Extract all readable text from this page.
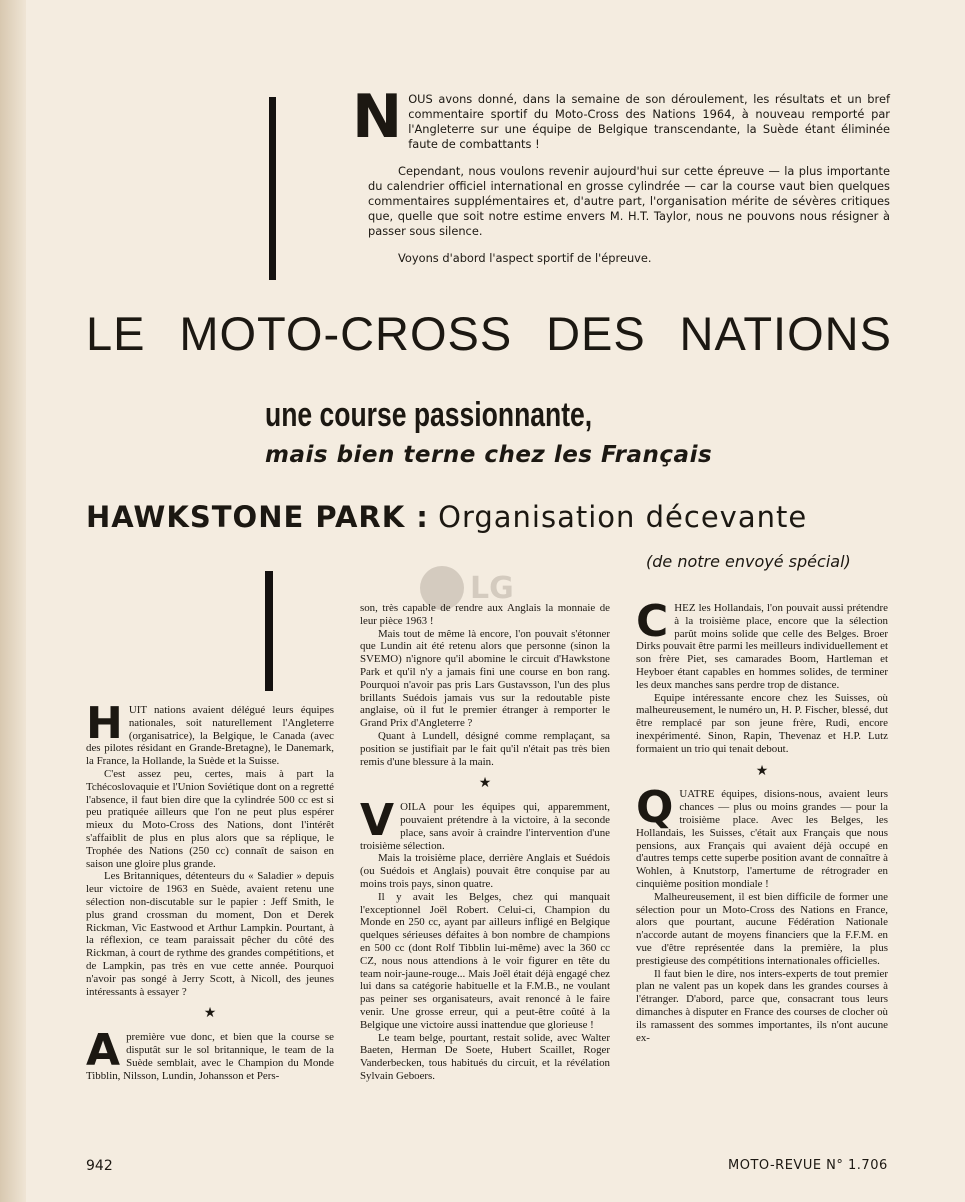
NOUS avons donné, dans la semaine de son déroulement, les résultats et un bref commentaire sportif du Moto-Cross des Nations 1964, à nouveau remporté par l'Angleterre sur une équipe de Belgique transcendante, la Suède étant éliminée faute de combattants !

Cependant, nous voulons revenir aujourd'hui sur cette épreuve — la plus importante du calendrier officiel international en grosse cylindrée — car la course vaut bien quelques commentaires supplémentaires et, d'autre part, l'organisation mérite de sévères critiques que, quelle que soit notre estime envers M. H.T. Taylor, nous ne pouvons nous résigner à passer sous silence.

Voyons d'abord l'aspect sportif de l'épreuve.

LE MOTO-CROSS DES NATIONS
une course passionnante,
mais bien terne chez les Français
HAWKSTONE PARK : Organisation décevante
(de notre envoyé spécial)
LG

HUIT nations avaient délégué leurs équipes nationales, soit naturellement l'Angleterre (organisatrice), la Belgique, le Canada (avec des pilotes résidant en Grande-Bretagne), le Danemark, la France, la Hollande, la Suède et la Suisse.

C'est assez peu, certes, mais à part la Tchécoslovaquie et l'Union Soviétique dont on a regretté l'absence, il faut bien dire que la cylindrée 500 cc est si peu pratiquée ailleurs que l'on ne peut plus espérer mieux du Moto-Cross des Nations, dont l'intérêt s'affaiblit de plus en plus alors que sa réplique, le Trophée des Nations (250 cc) connaît de saison en saison une gloire plus grande.

Les Britanniques, détenteurs du « Saladier » depuis leur victoire de 1963 en Suède, avaient retenu une sélection non-discutable sur le papier : Jeff Smith, le plus grand crossman du moment, Don et Derek Rickman, Vic Eastwood et Arthur Lampkin. Pourtant, à la réflexion, ce team paraissait pêcher du côté des Rickman, à court de rythme des grandes compétitions, et de Lampkin, pas très en vue cette année. Pourquoi n'avoir pas songé à Jerry Scott, à Nicoll, des jeunes intéressants à essayer ?

★

Apremière vue donc, et bien que la course se disputât sur le sol britannique, le team de la Suède semblait, avec le Champion du Monde Tibblin, Nilsson, Lundin, Johansson et Pers-

son, très capable de rendre aux Anglais la monnaie de leur pièce 1963 !

Mais tout de même là encore, l'on pouvait s'étonner que Lundin ait été retenu alors que personne (sinon la SVEMO) n'ignore qu'il abomine le circuit d'Hawkstone Park et qu'il n'y a jamais fini une course en bon rang. Pourquoi n'avoir pas pris Lars Gustavsson, l'un des plus brillants Suédois jamais vus sur la redoutable piste anglaise, où il fut le premier étranger à remporter le Grand Prix d'Angleterre ?

Quant à Lundell, désigné comme remplaçant, sa position se justifiait par le fait qu'il n'était pas très bien remis d'une blessure à la main.

★

VOILA pour les équipes qui, apparemment, pouvaient prétendre à la victoire, à la seconde place, sans avoir à craindre l'intervention d'une troisième sélection.

Mais la troisième place, derrière Anglais et Suédois (ou Suédois et Anglais) pouvait être conquise par au moins trois pays, sinon quatre.

Il y avait les Belges, chez qui manquait l'exceptionnel Joël Robert. Celui-ci, Champion du Monde en 250 cc, ayant par ailleurs infligé en Belgique quelques sérieuses défaites à bon nombre de champions en 500 cc (dont Rolf Tibblin lui-même) avec la 360 cc CZ, nous nous attendions à le voir figurer en tête du team noir-jaune-rouge... Mais Joël était déjà engagé chez lui dans sa catégorie habituelle et la F.M.B., ne voulant pas peiner ses organisateurs, avait renoncé à le faire venir. Une grosse erreur, qui a peut-être coûté à la Belgique une victoire aussi inattendue que glorieuse !

Le team belge, pourtant, restait solide, avec Walter Baeten, Herman De Soete, Hubert Scaillet, Roger Vanderbecken, tous habitués du circuit, et la révélation Sylvain Geboers.

CHEZ les Hollandais, l'on pouvait aussi prétendre à la troisième place, encore que la sélection parût moins solide que celle des Belges. Broer Dirks pouvait être parmi les meilleurs individuellement et son frère Piet, ses camarades Boom, Hartleman et Heyboer étant capables en hommes solides, de terminer les deux manches sans perdre trop de distance.

Equipe intéressante encore chez les Suisses, où malheureusement, le numéro un, H. P. Fischer, blessé, dut être remplacé par son jeune frère, Rudi, encore inexpérimenté. Sinon, Rapin, Thevenaz et H.P. Lutz formaient un trio qui tenait debout.

★

QUATRE équipes, disions-nous, avaient leurs chances — plus ou moins grandes — pour la troisième place. Avec les Belges, les Hollandais, les Suisses, c'était aux Français que nous pensions, aux Français qui avaient déjà occupé en d'autres temps cette superbe position avant de connaître à Wohlen, à Knutstorp, l'amertume de rétrograder en cinquième position mondiale !

Malheureusement, il est bien difficile de former une sélection pour un Moto-Cross des Nations en France, alors que pourtant, aucune Fédération Nationale n'accorde autant de moyens financiers que la F.F.M. en vue d'être représentée dans la première, la plus prestigieuse des compétitions internationales officielles.

Il faut bien le dire, nos inters-experts de tout premier plan ne valent pas un kopek dans les grandes courses à l'étranger. D'abord, parce que, consacrant tous leurs dimanches à disputer en France des courses de clocher où ils ramassent des sommes importantes, ils n'ont aucune ex-

942	MOTO-REVUE N° 1.706
